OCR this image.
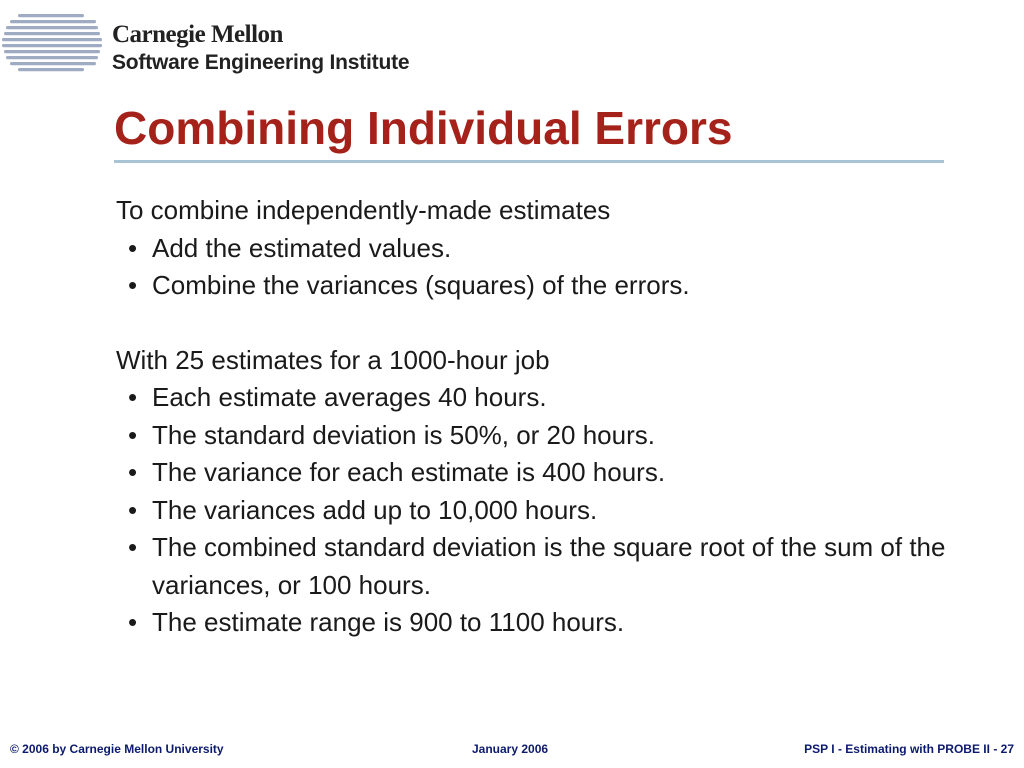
Carnegie Mellon
Software Engineering Institute
Combining Individual Errors

To combine independently-made estimates

• Add the estimated values.
• Combine the variances (squares) of the errors.

With 25 estimates for a 1000-hour job

• Each estimate averages 40 hours.
• The standard deviation is 50%, or 20 hours.
• The variance for each estimate is 400 hours.
• The variances add up to 10,000 hours.
• The combined standard deviation is the square root of the sum of the variances, or 100 hours.
• The estimate range is 900 to 1100 hours.
© 2006 by Carnegie Mellon University	January 2006	PSP I - Estimating with PROBE II - 27
